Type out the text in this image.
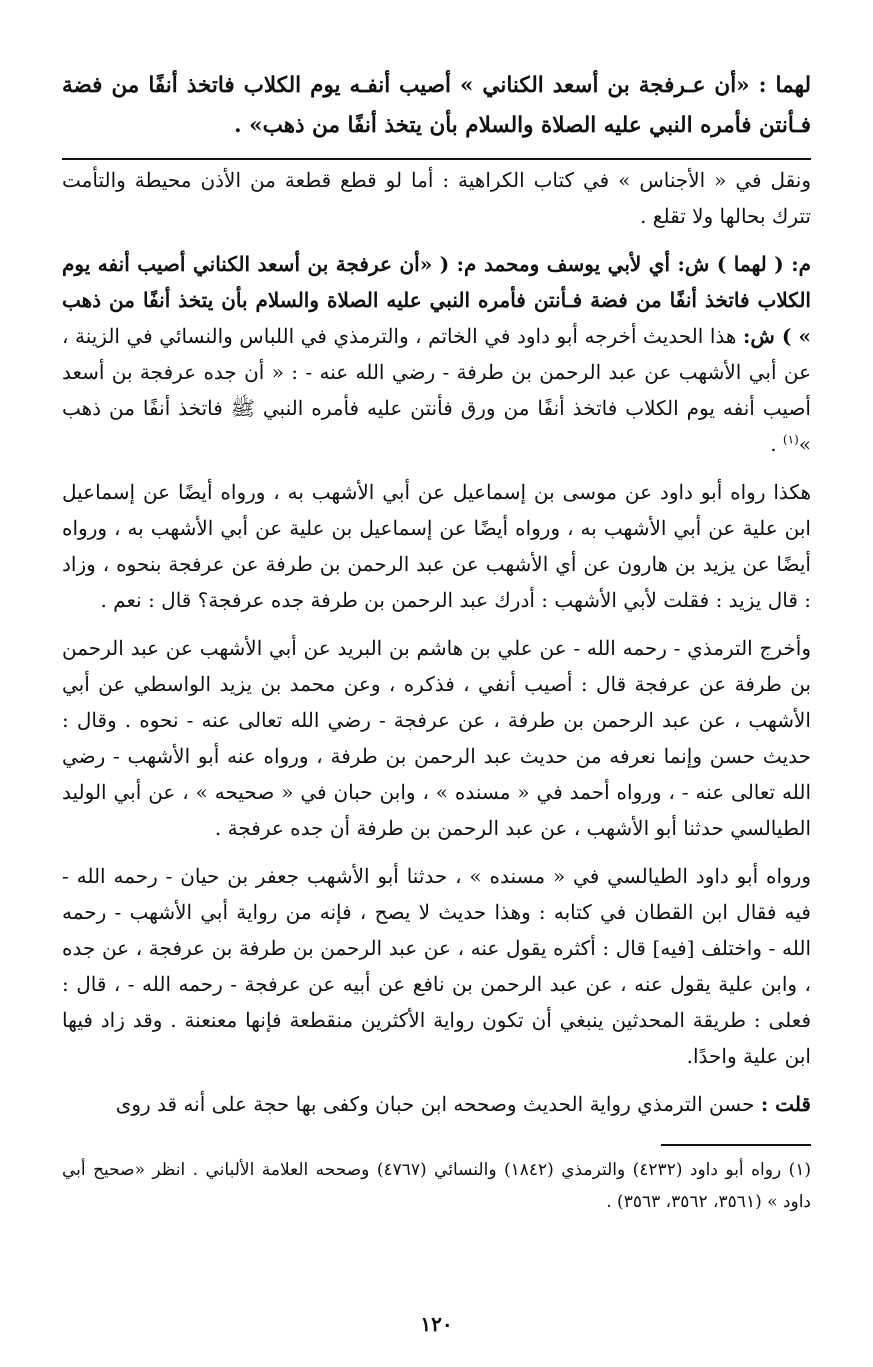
لهما : «أن عـرفجة بن أسعد الكناني » أصيب أنفـه يوم الكلاب فاتخذ أنفًا من فضة فـأنتن فأمره النبي عليه الصلاة والسلام بأن يتخذ أنفًا من ذهب» .

ونقل في « الأجناس » في كتاب الكراهية : أما لو قطع قطعة من الأذن محيطة والتأمت تترك بحالها ولا تقلع .

م: ( لهما ) ش: أي لأبي يوسف ومحمد م: ( «أن عرفجة بن أسعد الكناني أصيب أنفه يوم الكلاب فاتخذ أنفًا من فضة فـأنتن فأمره النبي عليه الصلاة والسلام بأن يتخذ أنفًا من ذهب » ) ش: هذا الحديث أخرجه أبو داود في الخاتم ، والترمذي في اللباس والنسائي في الزينة ، عن أبي الأشهب عن عبد الرحمن بن طرفة - رضي الله عنه - : « أن جده عرفجة بن أسعد أصيب أنفه يوم الكلاب فاتخذ أنفًا من ورق فأنتن عليه فأمره النبي ﷺ فاتخذ أنفًا من ذهب »$^{(١)}$ .

هكذا رواه أبو داود عن موسى بن إسماعيل عن أبي الأشهب به ، ورواه أيضًا عن إسماعيل ابن علية عن أبي الأشهب به ، ورواه أيضًا عن إسماعيل بن علية عن أبي الأشهب به ، ورواه أيضًا عن يزيد بن هارون عن أي الأشهب عن عبد الرحمن بن طرفة عن عرفجة بنحوه ، وزاد : قال يزيد : فقلت لأبي الأشهب : أدرك عبد الرحمن بن طرفة جده عرفجة؟ قال : نعم .

وأخرج الترمذي - رحمه الله - عن علي بن هاشم بن البريد عن أبي الأشهب عن عبد الرحمن بن طرفة عن عرفجة قال : أصيب أنفي ، فذكره ، وعن محمد بن يزيد الواسطي عن أبي الأشهب ، عن عبد الرحمن بن طرفة ، عن عرفجة - رضي الله تعالى عنه - نحوه . وقال : حديث حسن وإنما نعرفه من حديث عبد الرحمن بن طرفة ، ورواه عنه أبو الأشهب - رضي الله تعالى عنه - ، ورواه أحمد في « مسنده » ، وابن حبان في « صحيحه » ، عن أبي الوليد الطيالسي حدثنا أبو الأشهب ، عن عبد الرحمن بن طرفة أن جده عرفجة .

ورواه أبو داود الطيالسي في « مسنده » ، حدثنا أبو الأشهب جعفر بن حيان - رحمه الله - فيه فقال ابن القطان في كتابه : وهذا حديث لا يصح ، فإنه من رواية أبي الأشهب - رحمه الله - واختلف [فيه] قال : أكثره يقول عنه ، عن عبد الرحمن بن طرفة بن عرفجة ، عن جده ، وابن علية يقول عنه ، عن عبد الرحمن بن نافع عن أبيه عن عرفجة - رحمه الله - ، قال : فعلى : طريقة المحدثين ينبغي أن تكون رواية الأكثرين منقطعة فإنها معنعنة . وقد زاد فيها ابن علية واحدًا.

قلت : حسن الترمذي رواية الحديث وصححه ابن حبان وكفى بها حجة على أنه قد روى

(١) رواه أبو داود (٤٢٣٢) والترمذي (١٨٤٢) والنسائي (٤٧٦٧) وصححه العلامة الألباني . انظر «صحيح أبي داود » (٣٥٦١، ٣٥٦٢، ٣٥٦٣) .

١٢٠
